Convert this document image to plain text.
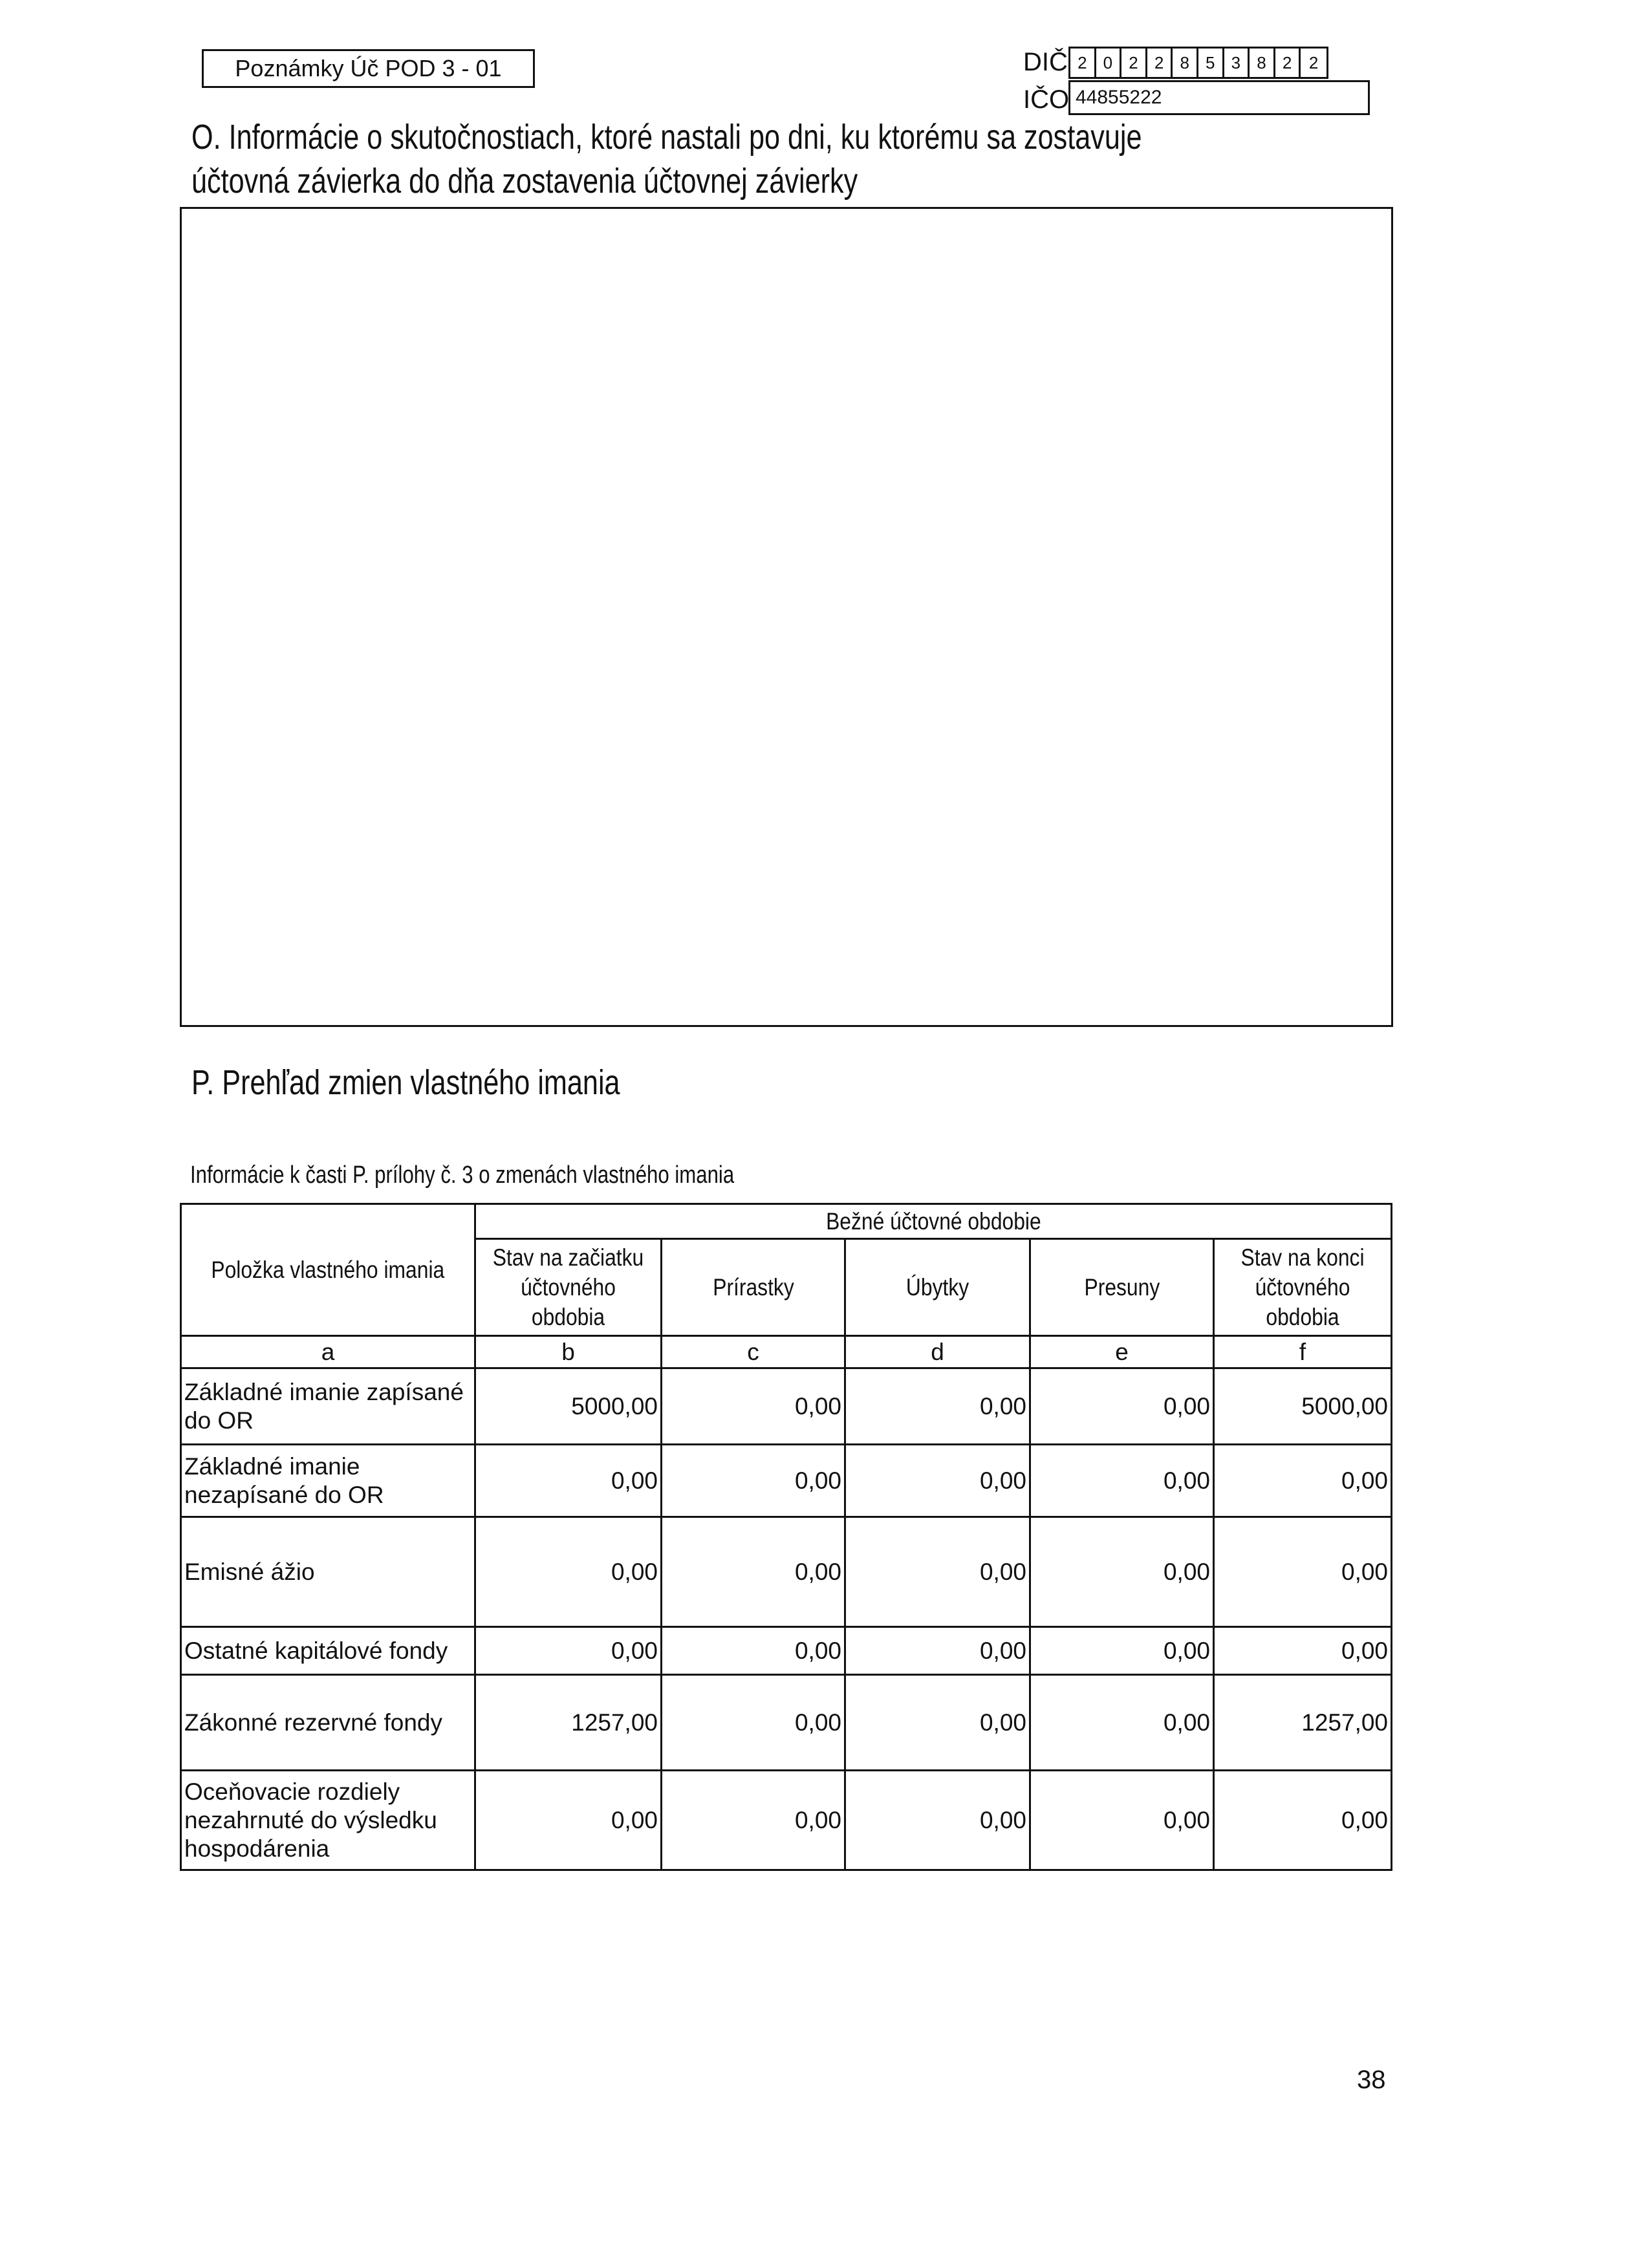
Poznámky Úč POD 3 - 01	DIČ 2 0 2 2 8 5 3 8 2	2
IČO 44855222
O. Informácie o skutočnostiach, ktoré nastali po dni, ku ktorému sa zostavuje
účtovná závierka do dňa zostavenia účtovnej závierky
P. Prehľad zmien vlastného imania
Informácie k časti P. prílohy č. 3 o zmenách vlastného imania
Položka vlastného imania	Bežné účtovné obdobie				
	Stav na začiatku účtovného obdobia	Prírastky	Úbytky	Presuny	Stav na konci účtovného obdobia
a	b	c	d	e	f
Základné imanie zapísané do OR	5000,00	0,00	0,00	0,00	5000,00
Základné imanie nezapísané do OR	0,00	0,00	0,00	0,00	0,00
Emisné ážio	0,00	0,00	0,00	0,00	0,00
Ostatné kapitálové fondy	0,00	0,00	0,00	0,00	0,00
Zákonné rezervné fondy	1257,00	0,00	0,00	0,00	1257,00
Oceňovacie rozdiely nezahrnuté do výsledku hospodárenia	0,00	0,00	0,00	0,00	0,00
38
